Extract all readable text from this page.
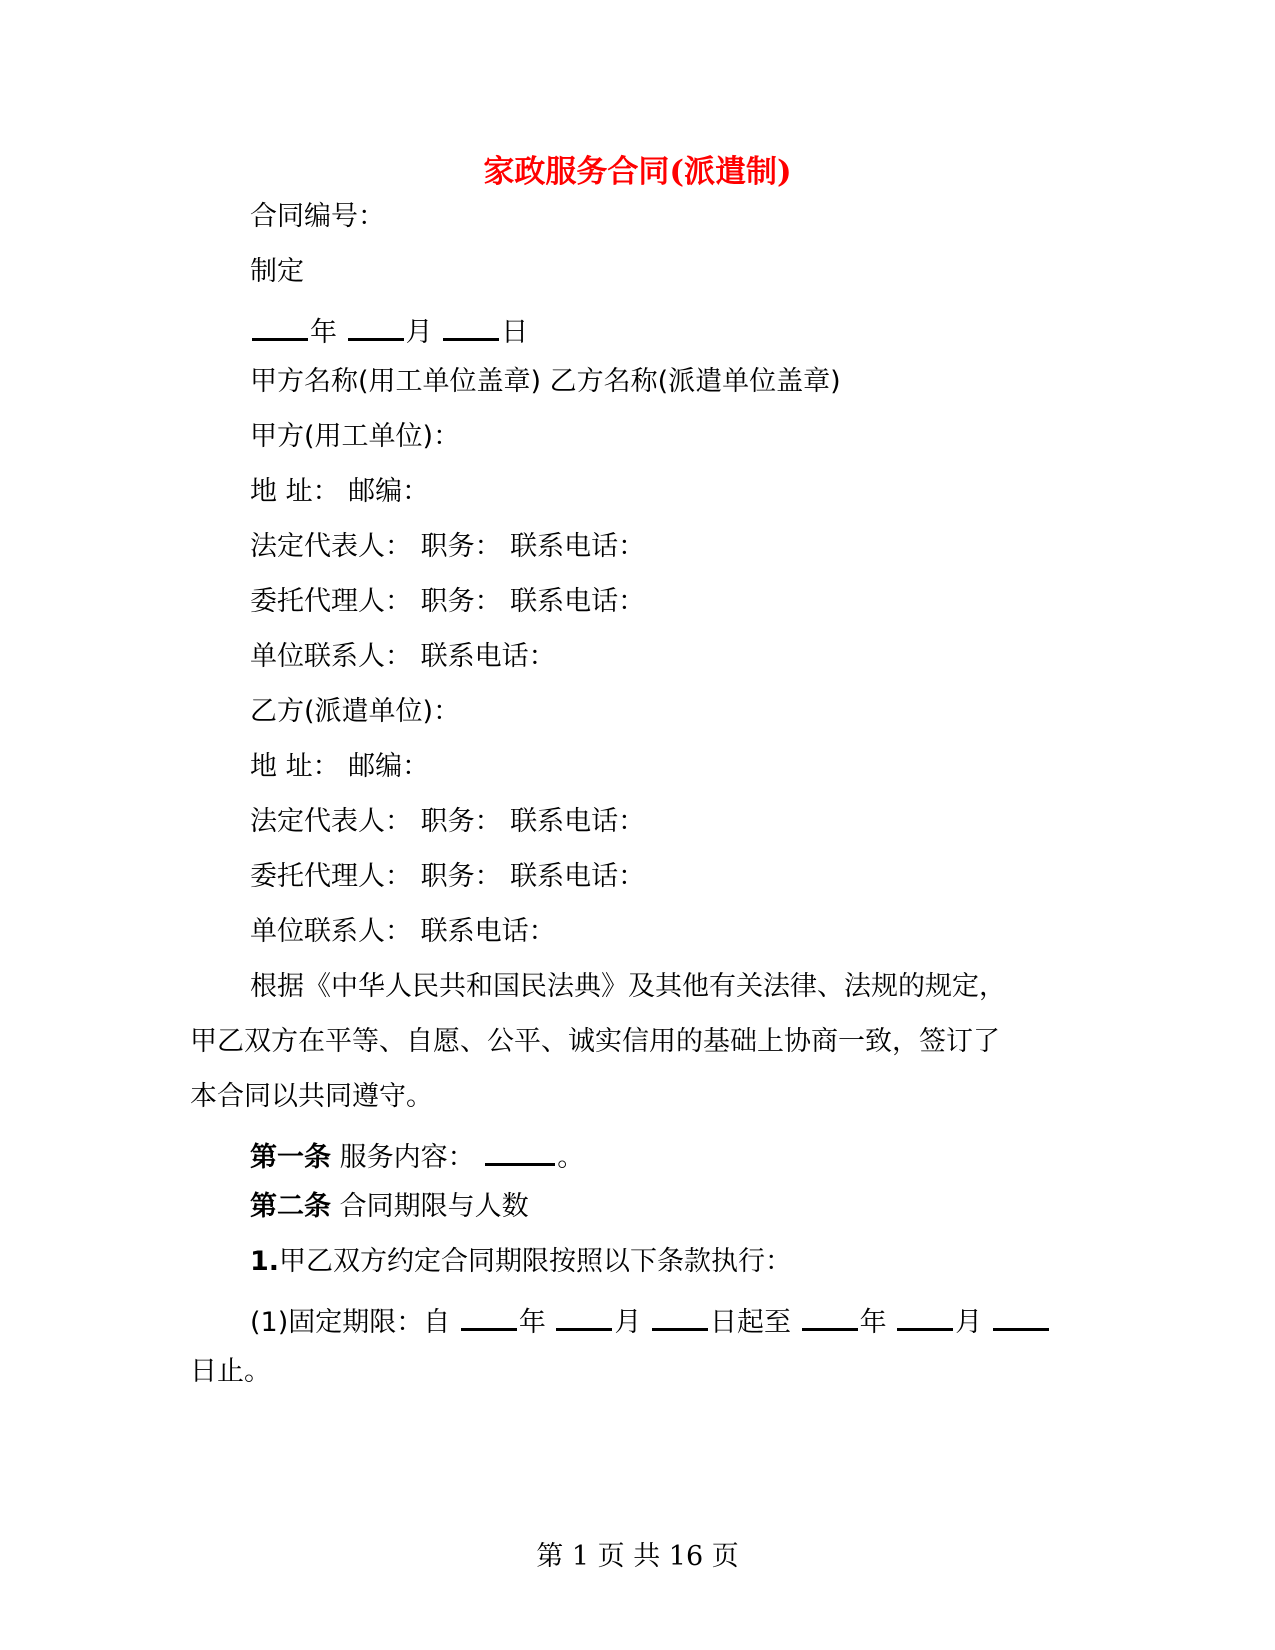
家政服务合同(派遣制)
合同编号：
制定
年	月	日
甲方名称(用工单位盖章) 乙方名称(派遣单位盖章)
甲方(用工单位)：
地 址： 邮编：
法定代表人： 职务： 联系电话：
委托代理人： 职务： 联系电话：
单位联系人： 联系电话：
乙方(派遣单位)：
地 址： 邮编：
法定代表人： 职务： 联系电话：
委托代理人： 职务： 联系电话：
单位联系人： 联系电话：
根据《中华人民共和国民法典》及其他有关法律、法规的规定，
甲乙双方在平等、自愿、公平、诚实信用的基础上协商一致，签订了
本合同以共同遵守。
第一条 服务内容：	。
第二条 合同期限与人数
1.甲乙双方约定合同期限按照以下条款执行：
(1)固定期限：自	年	月	日起至	年	月
日止。
第 1 页 共 16 页
